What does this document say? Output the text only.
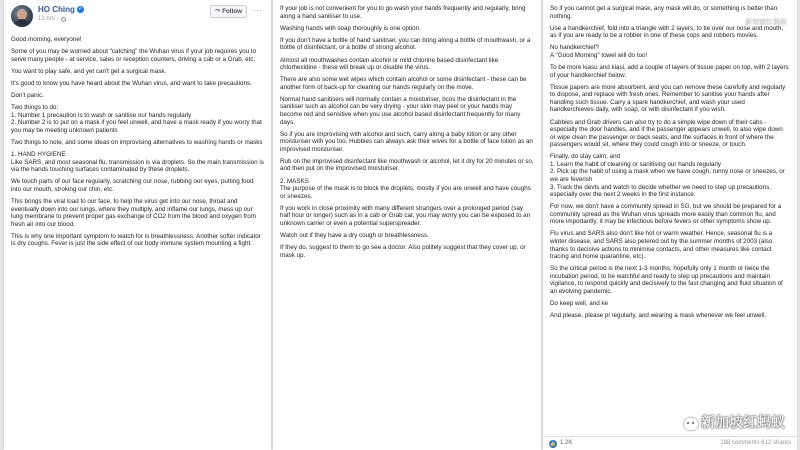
HO Ching ✓
13 hrs ·
⤳ Follow ···

Good morning, everyone!

Some of you may be worried about "catching" the Wuhan virus if your job requires you to serve many people - at service, sales or reception counters, driving a cab or a Grab, etc.

You want to play safe, and yet can't get a surgical mask.

It's good to know you have heard about the Wuhan virus, and want to take precautions.

Don't panic.

Two things to do:
1. Number 1 precaution is to wash or sanitise our hands regularly
2. Number 2 is to put on a mask if you feel unwell, and have a mask ready if you worry that you may be meeting unknown patients

Two things to note, and some ideas on improvising alternatives to washing hands or masks

1. HAND HYGIENE
Like SARS, and most seasonal flu, transmission is via droplets. So the main transmission is via the hands touching surfaces contaminated by these droplets.

We touch parts of our face regularly, scratching our nose, rubbing our eyes, putting food into our mouth, stroking our chin, etc.

This brings the viral load to our face, to help the virus get into our nose, throat and eventually down into our lungs, where they multiply, and inflame our lungs, mess up our lung membrane to prevent proper gas exchange of CO2 from the blood and oxygen from fresh air into our blood.

This is why one important symptom to watch for is breathlessness. Another softer indicator is dry coughs. Fever is just the side effect of our body immune system mounting a fight.

If your job is not convenient for you to go wash your hands frequently and regularly, bring along a hand sanitiser to use.

Washing hands with soap thoroughly is one option.

If you don't have a bottle of hand sanitiser, you can bring along a bottle of mouthwash, or a bottle of disinfectant, or a bottle of strong alcohol.

Almost all mouthwashes contain alcohol or mild chlorine based disinfectant like chlorhexidine - these will break up or disable the virus.

There are also some wet wipes which contain alcohol or some disinfectant - these can be another form of back-up for cleaning our hands regularly on the move.

Normal hand sanitisers will normally contain a moisturiser, bcos the disinfectant in the sanitiser such as alcohol can be very drying - your skin may peel or your hands may become red and sensitive when you use alcohol based disinfectant frequently for many days.

So if you are improvising with alcohol and such, carry along a baby lotion or any other moisturiser with you too. Hubbies can always ask their wives for a bottle of face lotion as an improvised moisturiser.

Rub on the improvised disinfectant like mouthwash or alcohol, let it dry for 20 minutes or so, and then put on the improvised moisturiser.

2. MASKS
The purpose of the mask is to block the droplets, mostly if you are unwell and have coughs or sneezes.

If you work in close proximity with many different strangers over a prolonged period (say half hour or longer) such as in a cab or Grab car, you may worry you can be exposed to an unknown carrier or even a potential superspreader.

Watch out if they have a dry cough or breathlessness.

If they do, suggest to them to go see a doctor. Also politely suggest that they cover up, or mask up.

新加坡红蚂蚁

So if you cannot get a surgical mask, any mask will do, or something is better than nothing.

Use a handkerchief, fold into a triangle with 2 layers, to tie over our nose and mouth, as if you are ready to be a robber in one of these cops and robbers movies.

No handkerchief?
A "Good Morning" towel will do too!

To be more kiasu and kiasi, add a couple of layers of tissue paper on top, with 2 layers of your handkerchief below.

Tissue papers are more absorbent, and you can remove these carefully and regularly to dispose, and replace with fresh ones. Remember to sanitise your hands after handling such tissue. Carry a spare handkerchief, and wash your used handkerchieves daily, with soap, or with disinfectant if you wish.

Cabbies and Grab drivers can also try to do a simple wipe down of their cabs - especially the door handles, and if the passenger appears unwell, to also wipe down or wipe clean the passenger or back seats, and the surfaces in front of where the passengers would sit, where they could cough into or sneeze, or touch.

Finally, do stay calm, and
1. Learn the habit of cleaning or sanitising our hands regularly
2. Pick up the habit of using a mask when we have cough, runny nose or sneezes, or we are feverish
3. Track the devts and watch to decide whether we need to step up precautions, especially over the next 2 weeks in the first instance.

For now, we don't have a community spread in SG, but we should be prepared for a community spread as the Wuhan virus spreads more easily than common flu, and more importantly, it may be infectious before fevers or other symptoms show up.

Flu virus and SARS also don't like hot or warm weather. Hence, seasonal flu is a winter disease, and SARS also petered out by the summer months of 2003 (also thanks to decisive actions to minimise contacts, and other measures like contact tracing and home quarantine, etc).

So the critical period is the next 1-3 months, hopefully only 1 month or twice the incubation period, to be watchful and ready to step up precautions and maintain vigilance, to respond quickly and decisively to the fast changing and fluid situation of an evolving pandemic.

Do keep well, and ke

And please, please pl regularly, and wearing a mask whenever we feel unwell.

新加坡红蚂蚁
👍 1.2K	188 comments 612 shares
